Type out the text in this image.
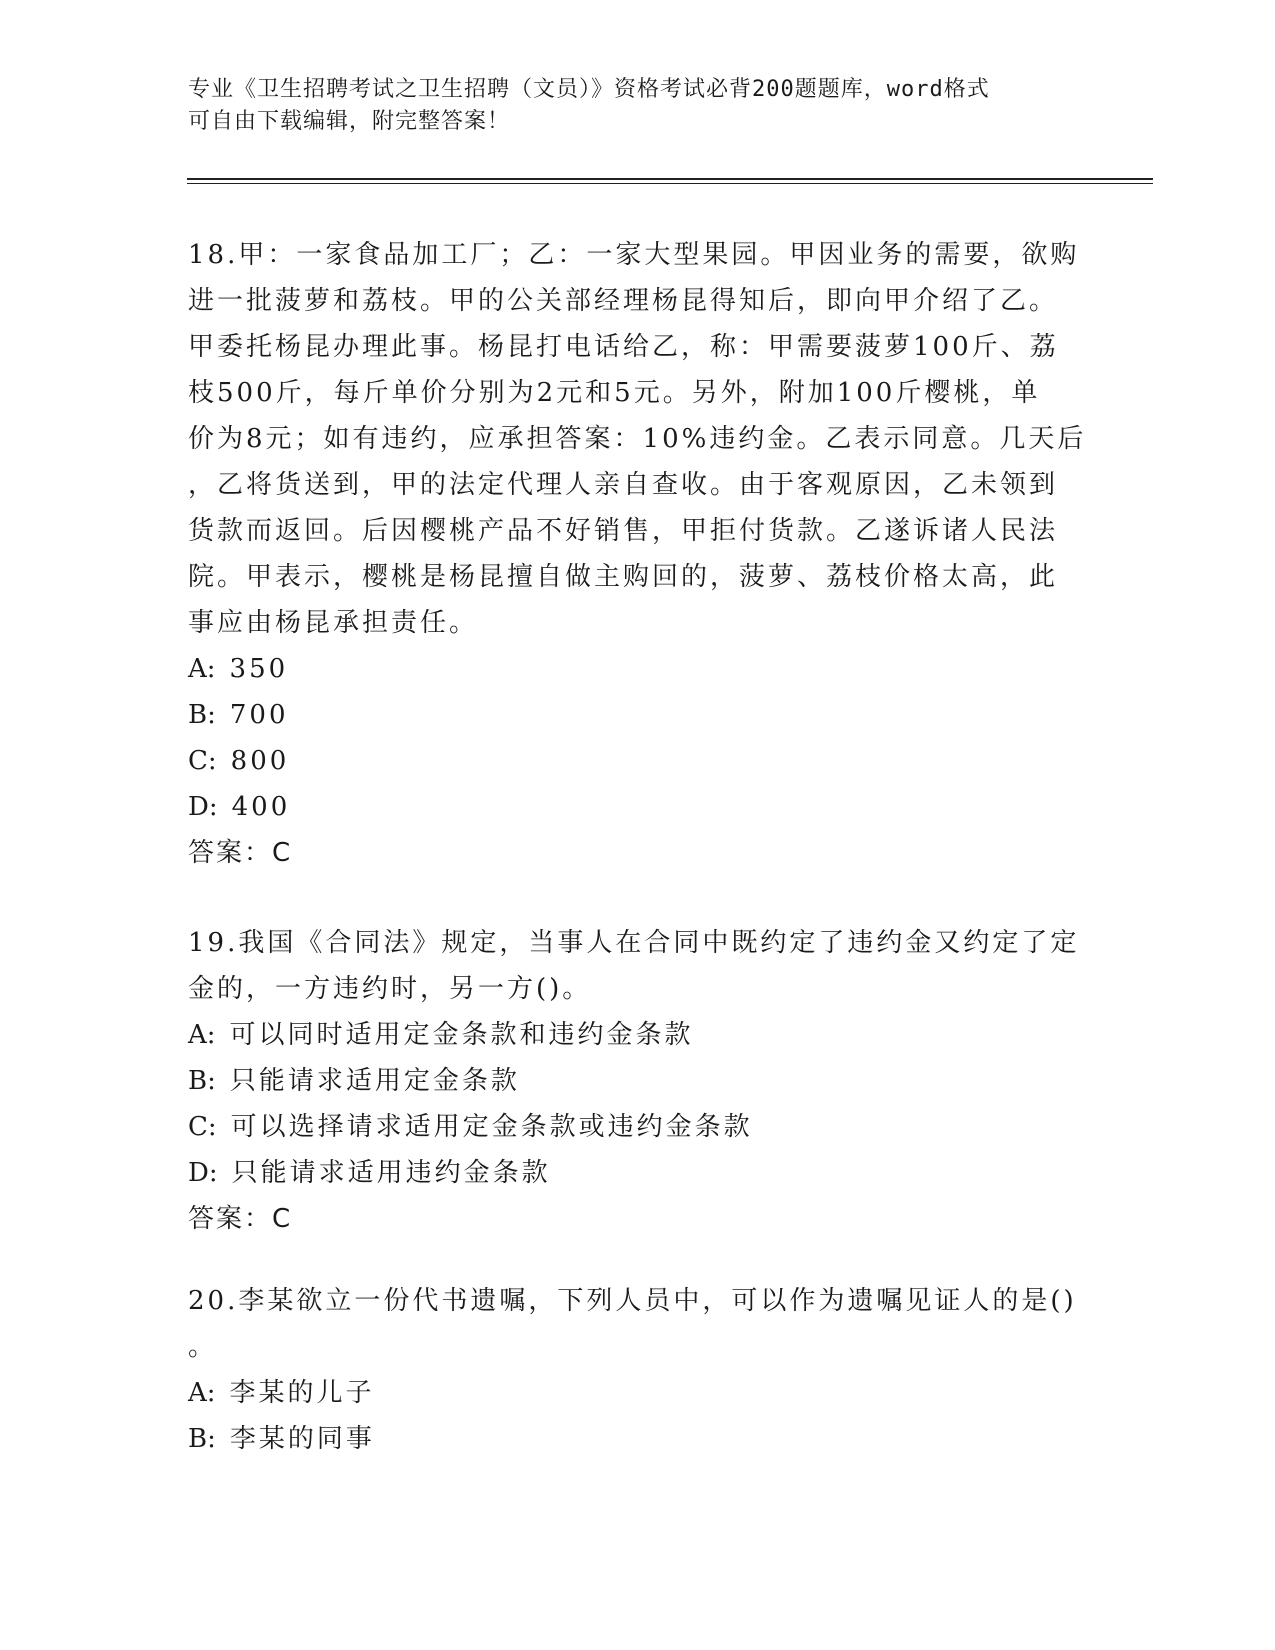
专业《卫生招聘考试之卫生招聘（文员）》资格考试必背200题题库，word格式
可自由下载编辑，附完整答案！
18.甲：一家食品加工厂；乙：一家大型果园。甲因业务的需要，欲购
进一批菠萝和荔枝。甲的公关部经理杨昆得知后，即向甲介绍了乙。
甲委托杨昆办理此事。杨昆打电话给乙，称：甲需要菠萝100斤、荔
枝500斤，每斤单价分别为2元和5元。另外，附加100斤樱桃，单
价为8元；如有违约，应承担答案：10%违约金。乙表示同意。几天后
，乙将货送到，甲的法定代理人亲自查收。由于客观原因，乙未领到
货款而返回。后因樱桃产品不好销售，甲拒付货款。乙遂诉诸人民法
院。甲表示，樱桃是杨昆擅自做主购回的，菠萝、荔枝价格太高，此
事应由杨昆承担责任。
A: 350
B: 700
C: 800
D: 400
答案：C
19.我国《合同法》规定，当事人在合同中既约定了违约金又约定了定
金的，一方违约时，另一方()。
A: 可以同时适用定金条款和违约金条款
B: 只能请求适用定金条款
C: 可以选择请求适用定金条款或违约金条款
D: 只能请求适用违约金条款
答案：C
20.李某欲立一份代书遗嘱，下列人员中，可以作为遗嘱见证人的是()
。
A: 李某的儿子
B: 李某的同事
